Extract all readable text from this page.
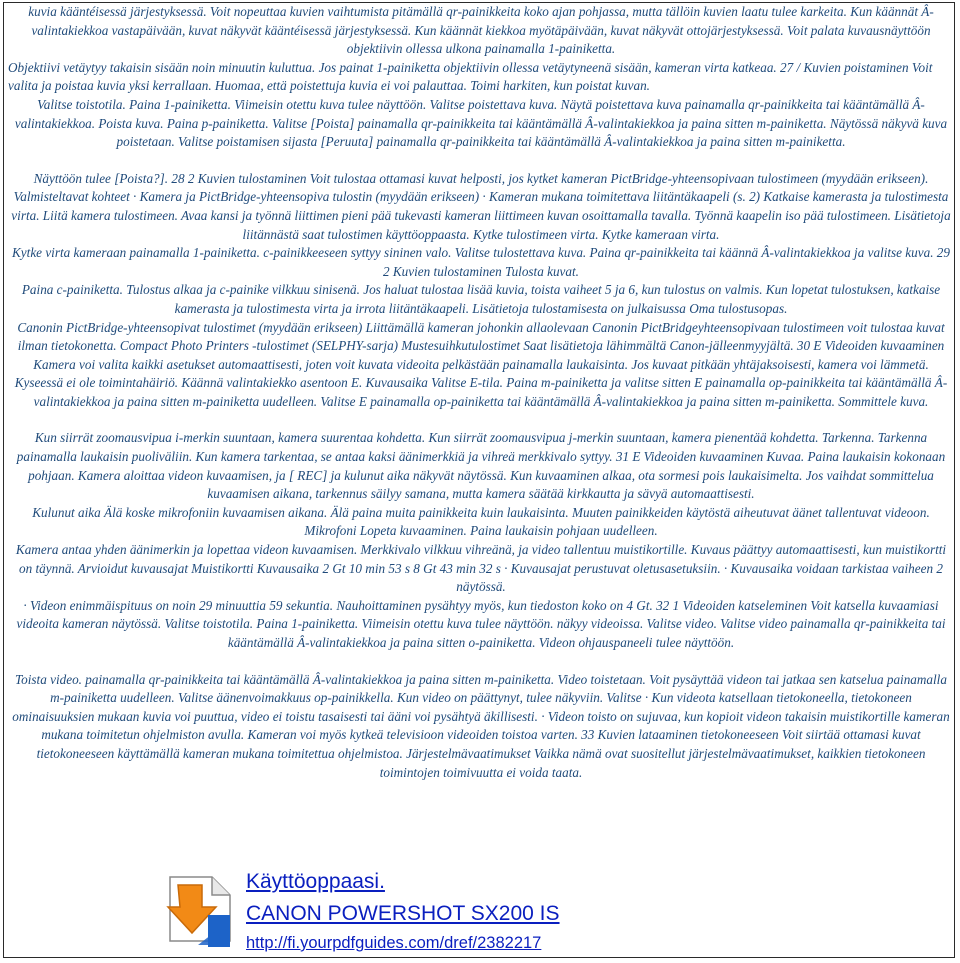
kuvia kääntéisessä järjestyksessä. Voit nopeuttaa kuvien vaihtumista pitämällä qr-painikkeita koko ajan pohjassa, mutta tällöin kuvien laatu tulee karkeita. Kun käännät Â-valintakiekkoa vastapäivään, kuvat näkyvät kääntéisessä järjestyksessä. Kun käännät kiekkoa myötäpäivään, kuvat näkyvät ottojärjestyksessä. Voit palata kuvausnäyttöön objektiivin ollessa ulkona painamalla 1-painiketta.

Objektiivi vetäytyy takaisin sisään noin minuutin kuluttua. Jos painat 1-painiketta objektiivin ollessa vetäytyneenä sisään, kameran virta katkeaa. 27 / Kuvien poistaminen Voit valita ja poistaa kuvia yksi kerrallaan. Huomaa, että poistettuja kuvia ei voi palauttaa. Toimi harkiten, kun poistat kuvan.

Valitse toistotila. Paina 1-painiketta. Viimeisin otettu kuva tulee näyttöön. Valitse poistettava kuva. Näytä poistettava kuva painamalla qr-painikkeita tai kääntämällä Â-valintakiekkoa. Poista kuva. Paina p-painiketta. Valitse [Poista] painamalla qr-painikkeita tai kääntämällä Â-valintakiekkoa ja paina sitten m-painiketta. Näytössä näkyvä kuva poistetaan. Valitse poistamisen sijasta [Peruuta] painamalla qr-painikkeita tai kääntämällä Â-valintakiekkoa ja paina sitten m-painiketta.

Näyttöön tulee [Poista?]. 28 2 Kuvien tulostaminen Voit tulostaa ottamasi kuvat helposti, jos kytket kameran PictBridge-yhteensopivaan tulostimeen (myydään erikseen). Valmisteltavat kohteet · Kamera ja PictBridge-yhteensopiva tulostin (myydään erikseen) · Kameran mukana toimitettava liitäntäkaapeli (s. 2) Katkaise kamerasta ja tulostimesta virta. Liitä kamera tulostimeen. Avaa kansi ja työnnä liittimen pieni pää tukevasti kameran liittimeen kuvan osoittamalla tavalla. Työnnä kaapelin iso pää tulostimeen. Lisätietoja liitännästä saat tulostimen käyttöoppaasta. Kytke tulostimeen virta. Kytke kameraan virta.

Kytke virta kameraan painamalla 1-painiketta. c-painikkeeseen syttyy sininen valo. Valitse tulostettava kuva. Paina qr-painikkeita tai käännä Â-valintakiekkoa ja valitse kuva. 29 2 Kuvien tulostaminen Tulosta kuvat.

Paina c-painiketta. Tulostus alkaa ja c-painike vilkkuu sinisenä. Jos haluat tulostaa lisää kuvia, toista vaiheet 5 ja 6, kun tulostus on valmis. Kun lopetat tulostuksen, katkaise kamerasta ja tulostimesta virta ja irrota liitäntäkaapeli. Lisätietoja tulostamisesta on julkaisussa Oma tulostusopas.

Canonin PictBridge-yhteensopivat tulostimet (myydään erikseen) Liittämällä kameran johonkin allaolevaan Canonin PictBridgeyhteensopivaan tulostimeen voit tulostaa kuvat ilman tietokonetta. Compact Photo Printers -tulostimet (SELPHY-sarja) Mustesuihkutulostimet Saat lisätietoja lähimmältä Canon-jälleenmyyjältä. 30 E Videoiden kuvaaminen Kamera voi valita kaikki asetukset automaattisesti, joten voit kuvata videoita pelkästään painamalla laukaisinta. Jos kuvaat pitkään yhtäjaksoisesti, kamera voi lämmetä. Kyseessä ei ole toimintahäiriö. Käännä valintakiekko asentoon E. Kuvausaika Valitse E-tila. Paina m-painiketta ja valitse sitten E painamalla op-painikkeita tai kääntämällä Â-valintakiekkoa ja paina sitten m-painiketta uudelleen. Valitse E painamalla op-painiketta tai kääntämällä Â-valintakiekkoa ja paina sitten m-painiketta. Sommittele kuva.

Kun siirrät zoomausvipua i-merkin suuntaan, kamera suurentaa kohdetta. Kun siirrät zoomausvipua j-merkin suuntaan, kamera pienentää kohdetta. Tarkenna. Tarkenna painamalla laukaisin puoliväliin. Kun kamera tarkentaa, se antaa kaksi äänimerkkiä ja vihreä merkkivalo syttyy. 31 E Videoiden kuvaaminen Kuvaa. Paina laukaisin kokonaan pohjaan. Kamera aloittaa videon kuvaamisen, ja [ REC] ja kulunut aika näkyvät näytössä. Kun kuvaaminen alkaa, ota sormesi pois laukaisimelta. Jos vaihdat sommittelua kuvaamisen aikana, tarkennus säilyy samana, mutta kamera säätää kirkkautta ja sävyä automaattisesti.

Kulunut aika Älä koske mikrofoniin kuvaamisen aikana. Älä paina muita painikkeita kuin laukaisinta. Muuten painikkeiden käytöstä aiheutuvat äänet tallentuvat videoon. Mikrofoni Lopeta kuvaaminen. Paina laukaisin pohjaan uudelleen.

Kamera antaa yhden äänimerkin ja lopettaa videon kuvaamisen. Merkkivalo vilkkuu vihreänä, ja video tallentuu muistikortille. Kuvaus päättyy automaattisesti, kun muistikortti on täynnä. Arvioidut kuvausajat Muistikortti Kuvausaika 2 Gt 10 min 53 s 8 Gt 43 min 32 s · Kuvausajat perustuvat oletusasetuksiin. · Kuvausaika voidaan tarkistaa vaiheen 2 näytössä.

· Videon enimmäispituus on noin 29 minuuttia 59 sekuntia. Nauhoittaminen pysähtyy myös, kun tiedoston koko on 4 Gt. 32 1 Videoiden katseleminen Voit katsella kuvaamiasi videoita kameran näytössä. Valitse toistotila. Paina 1-painiketta. Viimeisin otettu kuva tulee näyttöön. näkyy videoissa. Valitse video. Valitse video painamalla qr-painikkeita tai kääntämällä Â-valintakiekkoa ja paina sitten o-painiketta. Videon ohjauspaneeli tulee näyttöön.

Toista video. painamalla qr-painikkeita tai kääntämällä Â-valintakiekkoa ja paina sitten m-painiketta. Video toistetaan. Voit pysäyttää videon tai jatkaa sen katselua painamalla m-painiketta uudelleen. Valitse äänenvoimakkuus op-painikkella. Kun video on päättynyt, tulee näkyviin. Valitse · Kun videota katsellaan tietokoneella, tietokoneen ominaisuuksien mukaan kuvia voi puuttua, video ei toistu tasaisesti tai ääni voi pysähtyä äkillisesti. · Videon toisto on sujuvaa, kun kopioit videon takaisin muistikortille kameran mukana toimitetun ohjelmiston avulla. Kameran voi myös kytkeä televisioon videoiden toistoa varten. 33 Kuvien lataaminen tietokoneeseen Voit siirtää ottamasi kuvat tietokoneeseen käyttämällä kameran mukana toimitettua ohjelmistoa. Järjestelmävaatimukset Vaikka nämä ovat suositellut järjestelmävaatimukset, kaikkien tietokoneen toimintojen toimivuutta ei voida taata.

Käyttöoppaasi.
CANON POWERSHOT SX200 IS
http://fi.yourpdfguides.com/dref/2382217
